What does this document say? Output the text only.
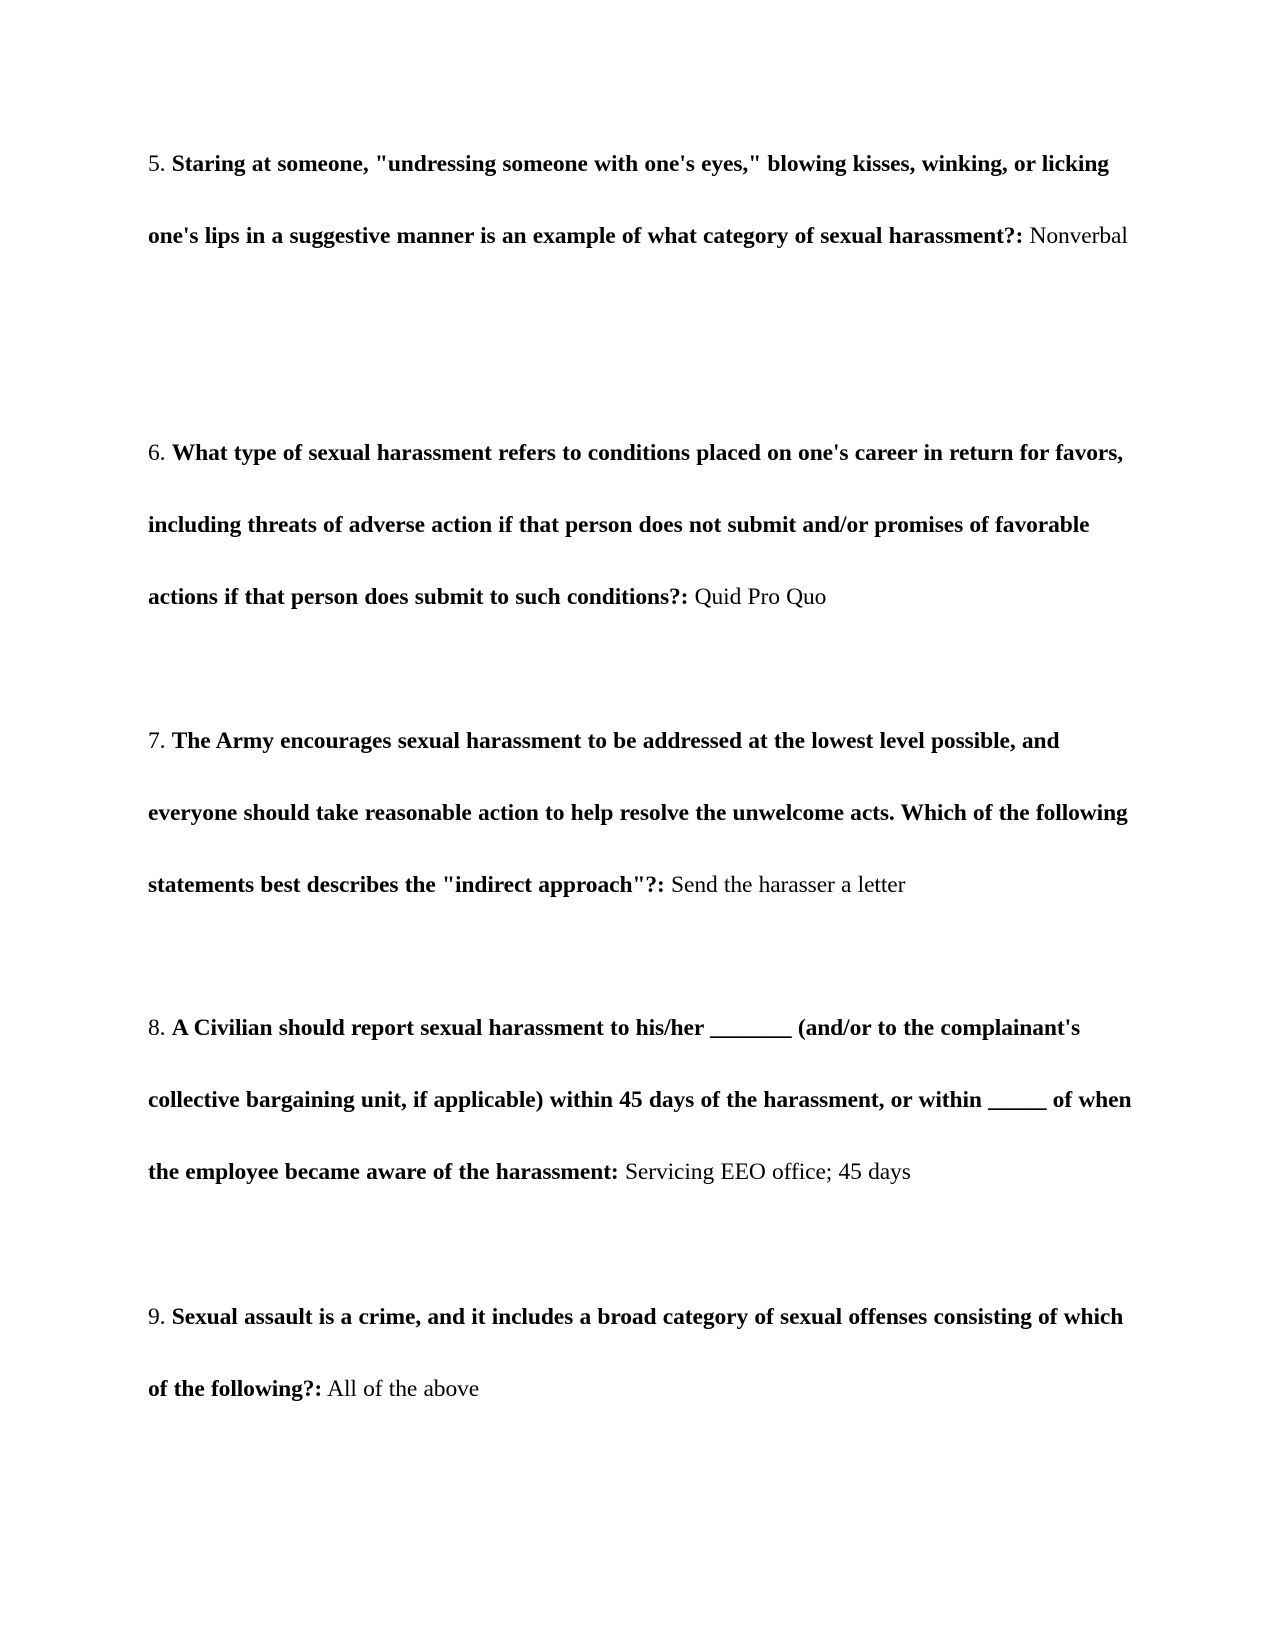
5. Staring at someone, "undressing someone with one's eyes," blowing kisses, winking, or licking one's lips in a suggestive manner is an example of what category of sexual harassment?: Nonverbal

6. What type of sexual harassment refers to conditions placed on one's career in return for favors, including threats of adverse action if that person does not submit and/or promises of favorable actions if that person does submit to such conditions?: Quid Pro Quo

7. The Army encourages sexual harassment to be addressed at the lowest level possible, and everyone should take reasonable action to help resolve the unwelcome acts. Which of the following statements best describes the "indirect approach"?: Send the harasser a letter

8. A Civilian should report sexual harassment to his/her _______ (and/or to the complainant's collective bargaining unit, if applicable) within 45 days of the harassment, or within _____ of when the employee became aware of the harassment: Servicing EEO office; 45 days

9. Sexual assault is a crime, and it includes a broad category of sexual offenses consisting of which of the following?: All of the above
